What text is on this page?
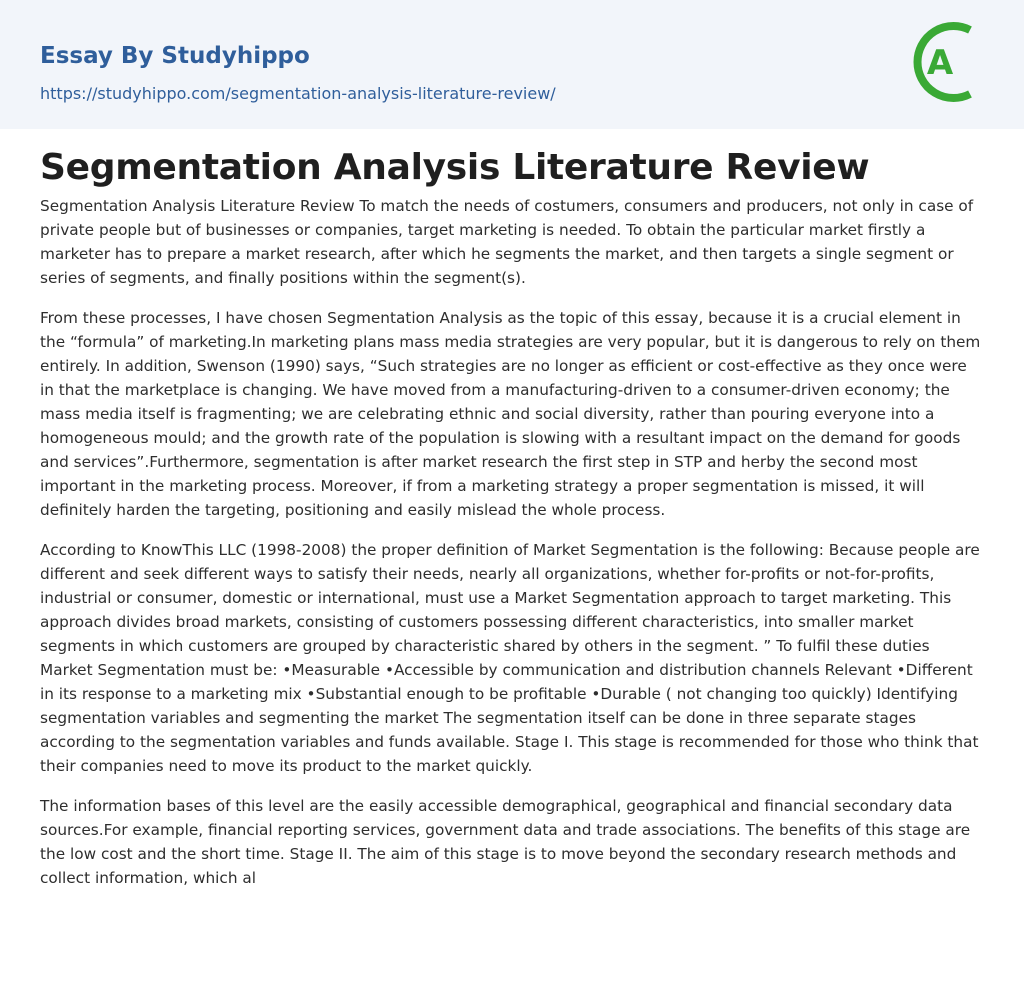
Essay By Studyhippo
https://studyhippo.com/segmentation-analysis-literature-review/
A
Segmentation Analysis Literature Review

Segmentation Analysis Literature Review To match the needs of costumers, consumers and producers, not only in case of private people but of businesses or companies, target marketing is needed. To obtain the particular market firstly a marketer has to prepare a market research, after which he segments the market, and then targets a single segment or series of segments, and finally positions within the segment(s).

From these processes, I have chosen Segmentation Analysis as the topic of this essay, because it is a crucial element in the “formula” of marketing.In marketing plans mass media strategies are very popular, but it is dangerous to rely on them entirely. In addition, Swenson (1990) says, “Such strategies are no longer as efficient or cost-effective as they once were in that the marketplace is changing. We have moved from a manufacturing-driven to a consumer-driven economy; the mass media itself is fragmenting; we are celebrating ethnic and social diversity, rather than pouring everyone into a homogeneous mould; and the growth rate of the population is slowing with a resultant impact on the demand for goods and services”.Furthermore, segmentation is after market research the first step in STP and herby the second most important in the marketing process. Moreover, if from a marketing strategy a proper segmentation is missed, it will definitely harden the targeting, positioning and easily mislead the whole process.

According to KnowThis LLC (1998-2008) the proper definition of Market Segmentation is the following: Because people are different and seek different ways to satisfy their needs, nearly all organizations, whether for-profits or not-for-profits, industrial or consumer, domestic or international, must use a Market Segmentation approach to target marketing. This approach divides broad markets, consisting of customers possessing different characteristics, into smaller market segments in which customers are grouped by characteristic shared by others in the segment. ” To fulfil these duties Market Segmentation must be: •Measurable •Accessible by communication and distribution channels Relevant •Different in its response to a marketing mix •Substantial enough to be profitable •Durable ( not changing too quickly) Identifying segmentation variables and segmenting the market The segmentation itself can be done in three separate stages according to the segmentation variables and funds available. Stage I. This stage is recommended for those who think that their companies need to move its product to the market quickly.

The information bases of this level are the easily accessible demographical, geographical and financial secondary data sources.For example, financial reporting services, government data and trade associations. The benefits of this stage are the low cost and the short time. Stage II. The aim of this stage is to move beyond the secondary research methods and collect information, which al
